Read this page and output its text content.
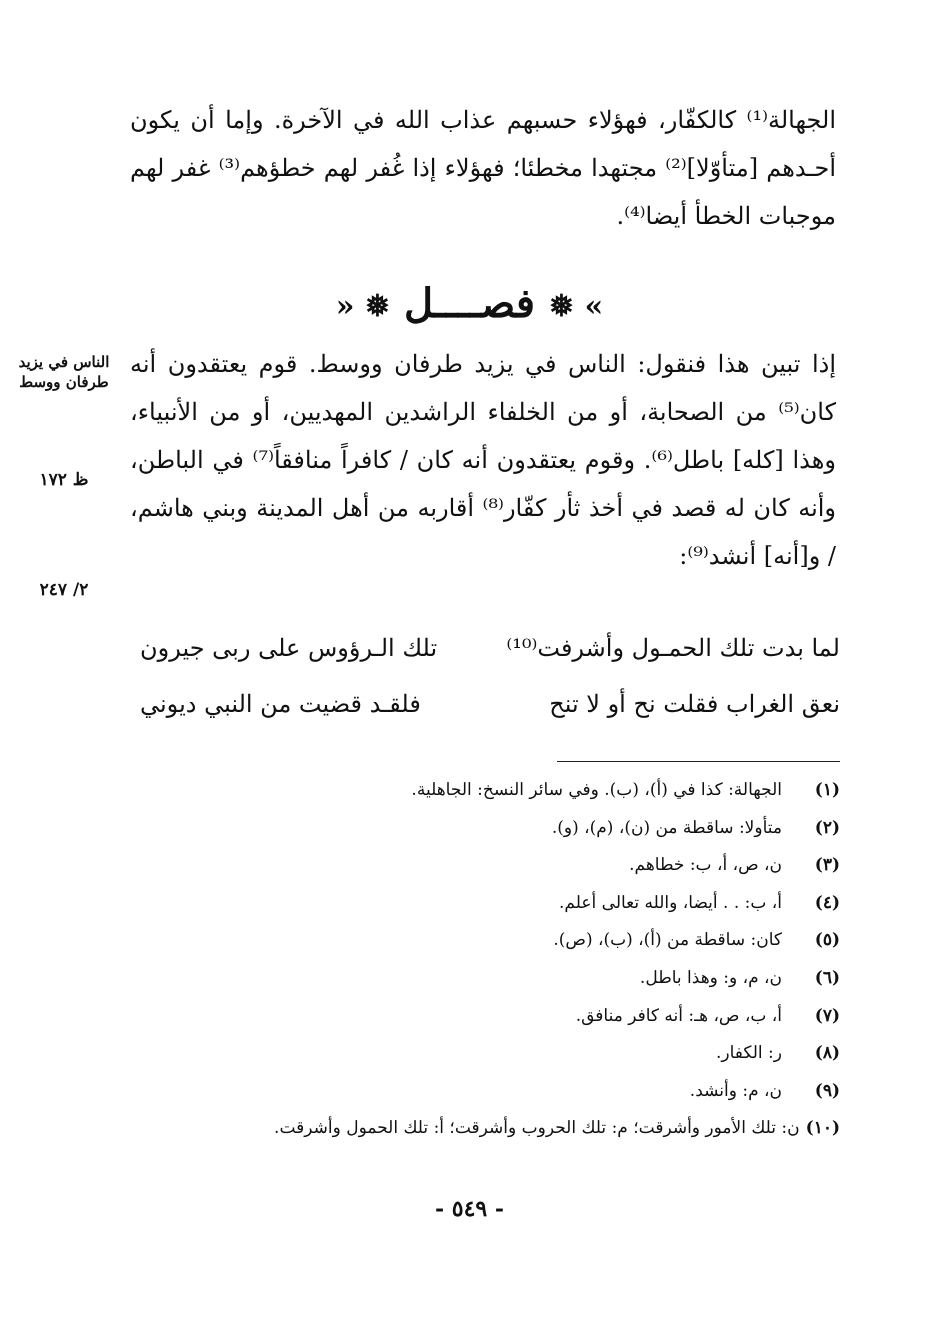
الجهالة⁽¹⁾ كالكفّار، فهؤلاء حسبهم عذاب الله في الآخرة. وإما أن يكون
أحـدهم [متأوّلا]⁽²⁾ مجتهدا مخطئا؛ فهؤلاء إذا غُفر لهم خطؤهم⁽³⁾ غفر لهم
موجبات الخطأ أيضا⁽⁴⁾.
» ❅ فصــــل ❅ «
الناس في يزيد طرفان ووسط
ظ ١٧٢
٢/ ٢٤٧
إذا تبين هذا فنقول: الناس في يزيد طرفان ووسط. قوم يعتقدون أنه
كان⁽⁵⁾ من الصحابة، أو من الخلفاء الراشدين المهديين، أو من الأنبياء،
وهذا [كله] باطل⁽⁶⁾. وقوم يعتقدون أنه كان / كافراً منافقاً⁽⁷⁾ في الباطن،
وأنه كان له قصد في أخذ ثأر كفّار⁽⁸⁾ أقاربه من أهل المدينة وبني هاشم،
/ و[أنه] أنشد⁽⁹⁾:
لما بدت تلك الحمـول وأشرفت⁽¹⁰⁾
تلك الـرؤوس على ربى جيرون
نعق الغراب فقلت نح أو لا تنح
فلقـد قضيت من النبي ديوني
(١)
الجهالة: كذا في (أ)، (ب). وفي سائر النسخ: الجاهلية.
(٢)
متأولا: ساقطة من (ن)، (م)، (و).
(٣)
ن، ص، أ، ب: خطاهم.
(٤)
أ، ب: . . أيضا، والله تعالى أعلم.
(٥)
كان: ساقطة من (أ)، (ب)، (ص).
(٦)
ن، م، و: وهذا باطل.
(٧)
أ، ب، ص، هـ: أنه كافر منافق.
(٨)
ر: الكفار.
(٩)
ن، م: وأنشد.
(١٠)
ن: تلك الأمور وأشرقت؛ م: تلك الحروب وأشرقت؛ أ: تلك الحمول وأشرقت.
- ٥٤٩ -
